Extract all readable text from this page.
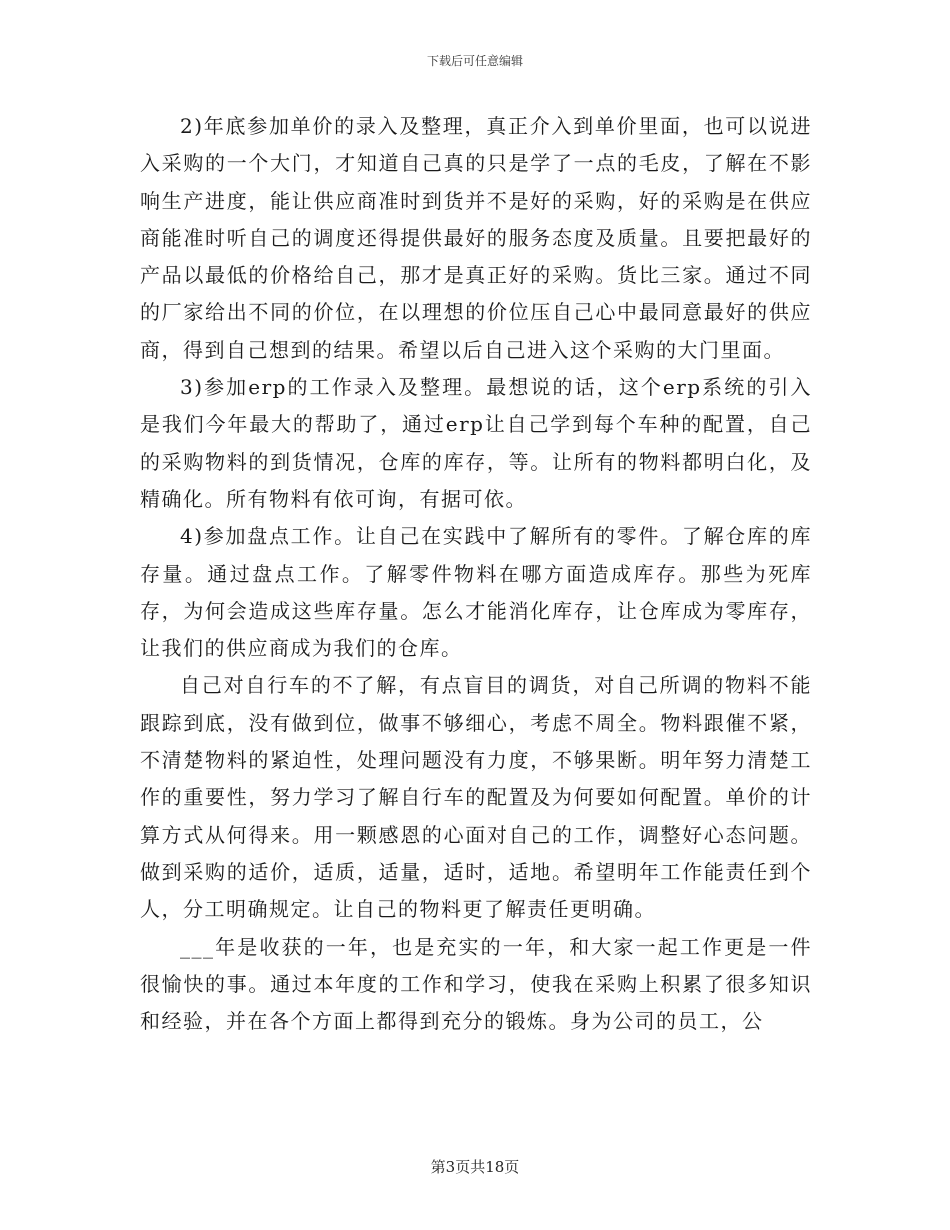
下载后可任意编辑

2)年底参加单价的录入及整理，真正介入到单价里面，也可以说进入采购的一个大门，才知道自己真的只是学了一点的毛皮，了解在不影响生产进度，能让供应商准时到货并不是好的采购，好的采购是在供应商能准时听自己的调度还得提供最好的服务态度及质量。且要把最好的产品以最低的价格给自己，那才是真正好的采购。货比三家。通过不同的厂家给出不同的价位，在以理想的价位压自己心中最同意最好的供应商，得到自己想到的结果。希望以后自己进入这个采购的大门里面。

3)参加erp的工作录入及整理。最想说的话，这个erp系统的引入是我们今年最大的帮助了，通过erp让自己学到每个车种的配置，自己的采购物料的到货情况，仓库的库存，等。让所有的物料都明白化，及精确化。所有物料有依可询，有据可依。

4)参加盘点工作。让自己在实践中了解所有的零件。了解仓库的库存量。通过盘点工作。了解零件物料在哪方面造成库存。那些为死库存，为何会造成这些库存量。怎么才能消化库存，让仓库成为零库存，让我们的供应商成为我们的仓库。

自己对自行车的不了解，有点盲目的调货，对自己所调的物料不能跟踪到底，没有做到位，做事不够细心，考虑不周全。物料跟催不紧，不清楚物料的紧迫性，处理问题没有力度，不够果断。明年努力清楚工作的重要性，努力学习了解自行车的配置及为何要如何配置。单价的计算方式从何得来。用一颗感恩的心面对自己的工作，调整好心态问题。做到采购的适价，适质，适量，适时，适地。希望明年工作能责任到个人，分工明确规定。让自己的物料更了解责任更明确。

___年是收获的一年，也是充实的一年，和大家一起工作更是一件很愉快的事。通过本年度的工作和学习，使我在采购上积累了很多知识和经验，并在各个方面上都得到充分的锻炼。身为公司的员工，公

第3页共18页
